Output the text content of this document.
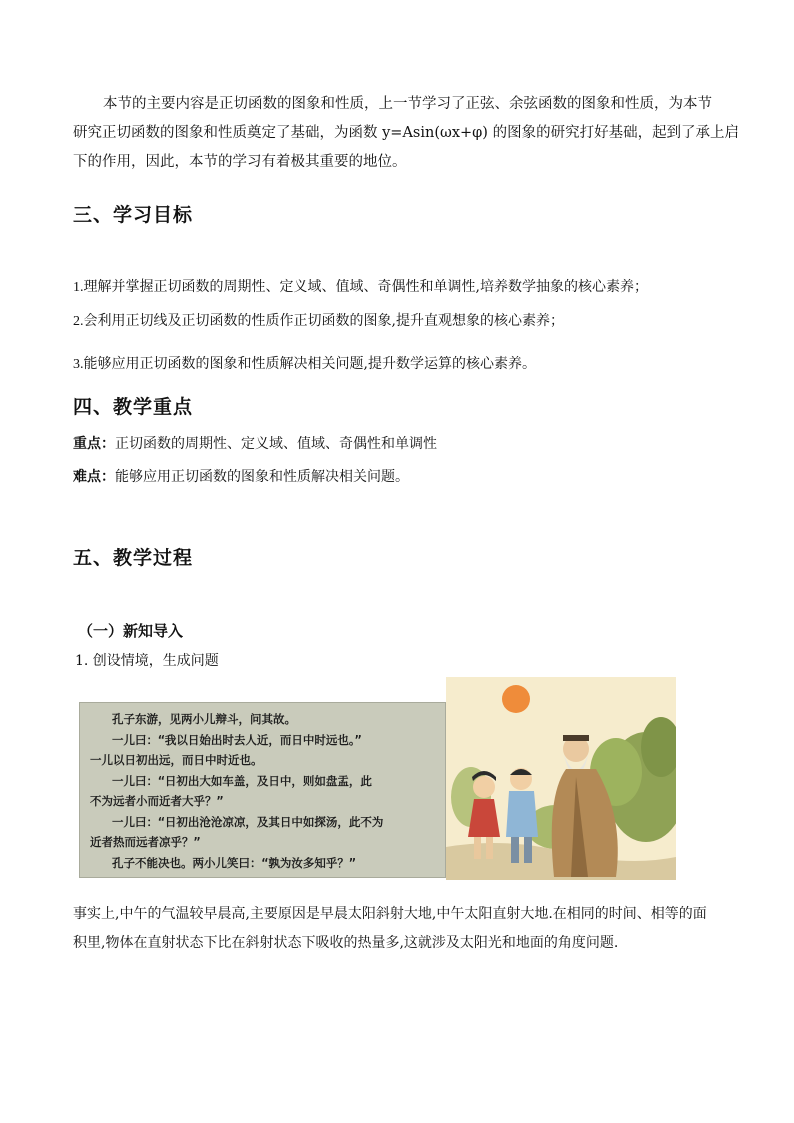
本节的主要内容是正切函数的图象和性质，上一节学习了正弦、余弦函数的图象和性质，为本节
研究正切函数的图象和性质奠定了基础，为函数 y=Asin(ωx+φ) 的图象的研究打好基础，起到了承上启
下的作用，因此，本节的学习有着极其重要的地位。

三、学习目标

1.理解并掌握正切函数的周期性、定义域、值域、奇偶性和单调性,培养数学抽象的核心素养；

2.会利用正切线及正切函数的性质作正切函数的图象,提升直观想象的核心素养；

3.能够应用正切函数的图象和性质解决相关问题,提升数学运算的核心素养。

四、教学重点

重点：正切函数的周期性、定义域、值域、奇偶性和单调性

难点：能够应用正切函数的图象和性质解决相关问题。

五、教学过程
（一）新知导入

1. 创设情境，生成问题

孔子东游，见两小儿辩斗，问其故。
一儿曰：“我以日始出时去人近，而日中时远也。”
一儿以日初出远，而日中时近也。
一儿曰：“日初出大如车盖，及日中，则如盘盂，此
不为远者小而近者大乎？”
一儿曰：“日初出沧沧凉凉，及其日中如探汤，此不为
近者热而远者凉乎？”
孔子不能决也。两小儿笑曰：“孰为汝多知乎？”

事实上,中午的气温较早晨高,主要原因是早晨太阳斜射大地,中午太阳直射大地.在相同的时间、相等的面
积里,物体在直射状态下比在斜射状态下吸收的热量多,这就涉及太阳光和地面的角度问题.
